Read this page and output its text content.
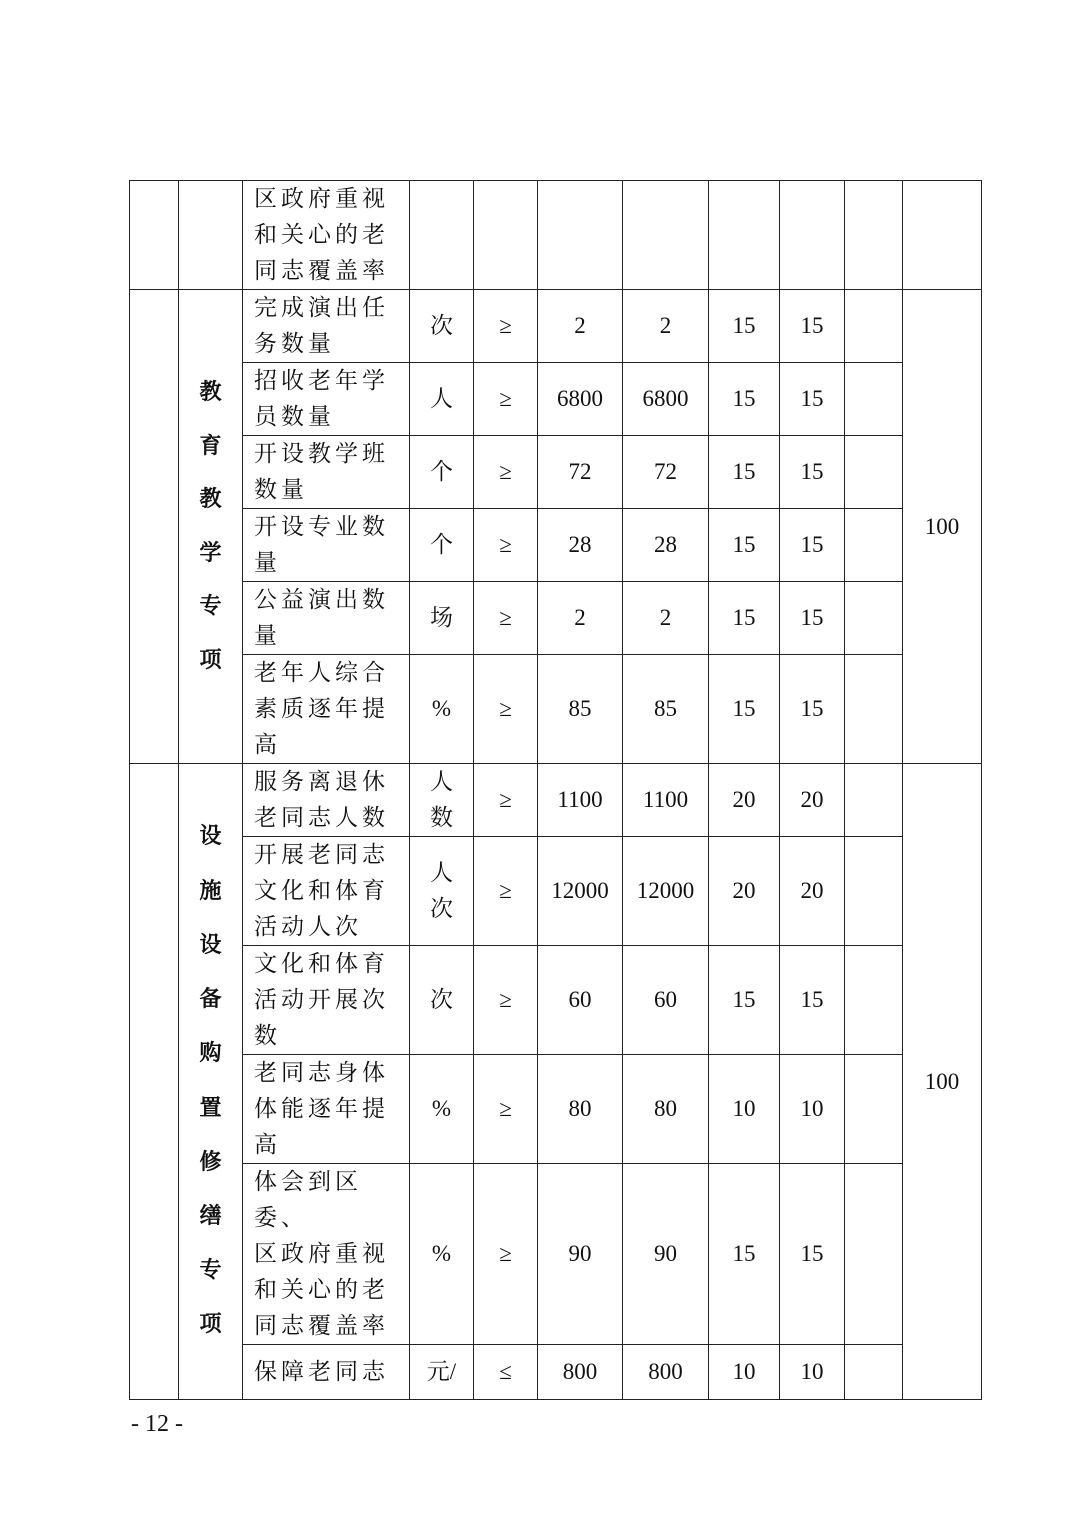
		区政府重视
和关心的老
同志覆盖率								
	教育教学专项	完成演出任
务数量	次	≥	2	2	15	15		100
		招收老年学
员数量	人	≥	6800	6800	15	15		
		开设教学班
数量	个	≥	72	72	15	15		
		开设专业数
量	个	≥	28	28	15	15		
		公益演出数
量	场	≥	2	2	15	15		
		老年人综合
素质逐年提
高	%	≥	85	85	15	15		
	设施设备购置修缮专项	服务离退休
老同志人数	人
数	≥	1100	1100	20	20		100
		开展老同志
文化和体育
活动人次	人
次	≥	12000	12000	20	20		
		文化和体育
活动开展次
数	次	≥	60	60	15	15		
		老同志身体
体能逐年提
高	%	≥	80	80	10	10		
		体会到区委、
区政府重视
和关心的老
同志覆盖率	%	≥	90	90	15	15		
		保障老同志	元/	≤	800	800	10	10		
- 12 -
